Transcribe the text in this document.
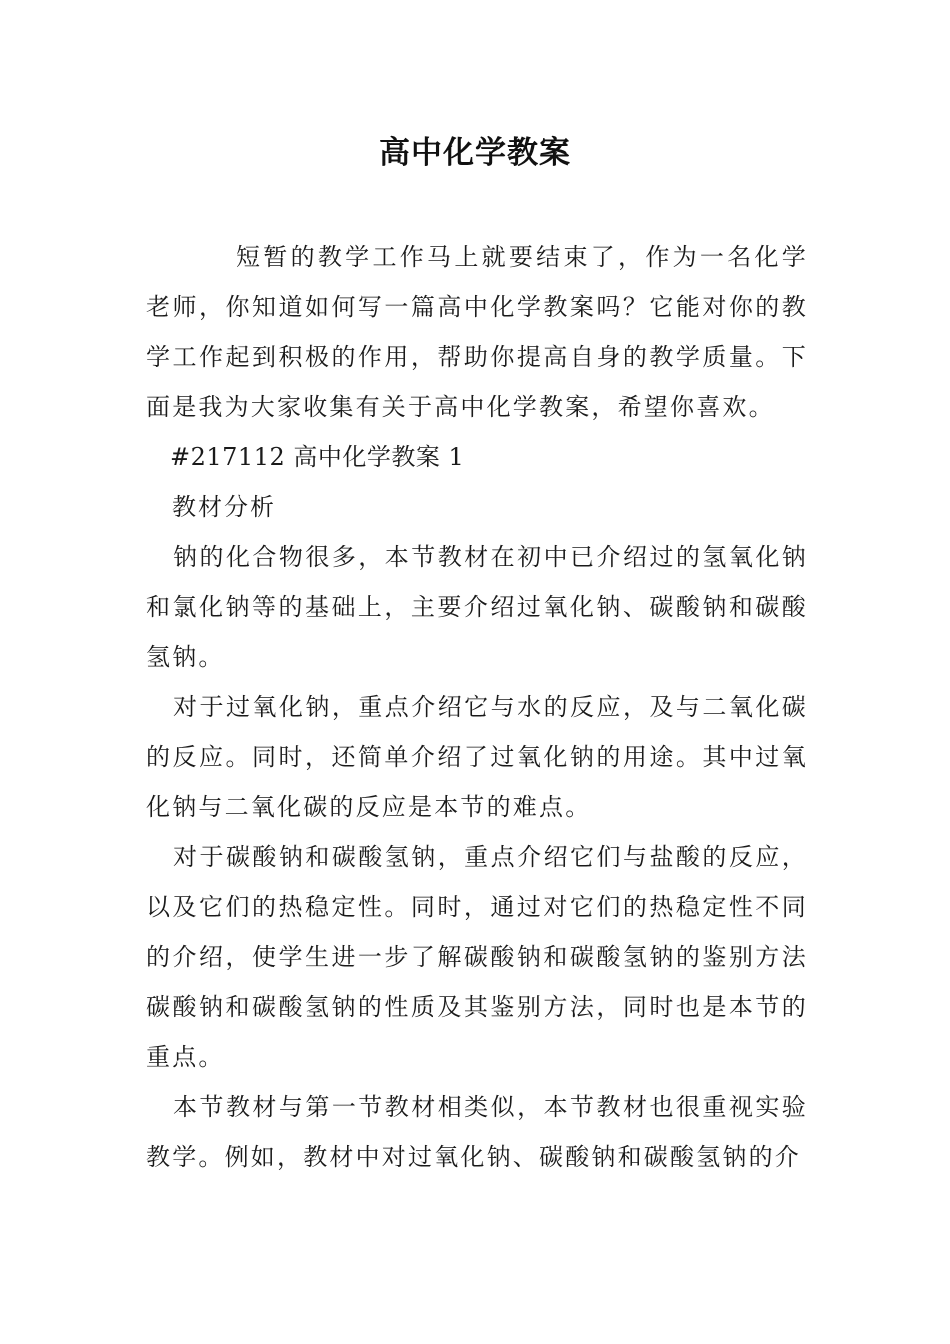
高中化学教案

短暂的教学工作马上就要结束了，作为一名化学老师，你知道如何写一篇高中化学教案吗？它能对你的教学工作起到积极的作用，帮助你提高自身的教学质量。下面是我为大家收集有关于高中化学教案，希望你喜欢。

#217112 高中化学教案 1

教材分析

钠的化合物很多，本节教材在初中已介绍过的氢氧化钠和氯化钠等的基础上，主要介绍过氧化钠、碳酸钠和碳酸氢钠。

对于过氧化钠，重点介绍它与水的反应，及与二氧化碳的反应。同时，还简单介绍了过氧化钠的用途。其中过氧化钠与二氧化碳的反应是本节的难点。

对于碳酸钠和碳酸氢钠，重点介绍它们与盐酸的反应，以及它们的热稳定性。同时，通过对它们的热稳定性不同的介绍，使学生进一步了解碳酸钠和碳酸氢钠的鉴别方法碳酸钠和碳酸氢钠的性质及其鉴别方法，同时也是本节的重点。

本节教材与第一节教材相类似，本节教材也很重视实验教学。例如，教材中对过氧化钠、碳酸钠和碳酸氢钠的介
